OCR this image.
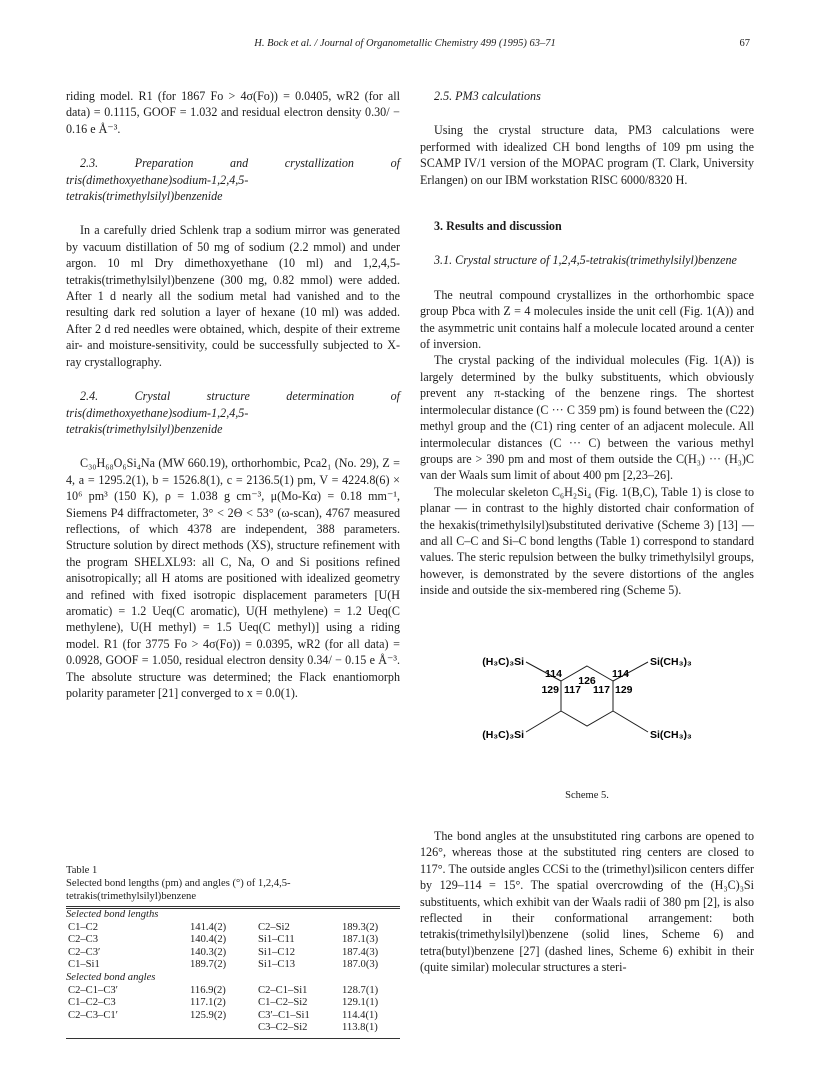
H. Bock et al. / Journal of Organometallic Chemistry 499 (1995) 63–71	67

riding model. R1 (for 1867 Fo > 4σ(Fo)) = 0.0405, wR2 (for all data) = 0.1115, GOOF = 1.032 and residual electron density 0.30/ − 0.16 e Å⁻³.

2.3. Preparation and crystallization of tris(dimethoxyethane)sodium-1,2,4,5-tetrakis(trimethylsilyl)benzenide

In a carefully dried Schlenk trap a sodium mirror was generated by vacuum distillation of 50 mg of sodium (2.2 mmol) and under argon. 10 ml Dry dimethoxyethane (10 ml) and 1,2,4,5-tetrakis(trimethylsilyl)benzene (300 mg, 0.82 mmol) were added. After 1 d nearly all the sodium metal had vanished and to the resulting dark red solution a layer of hexane (10 ml) was added. After 2 d red needles were obtained, which, despite of their extreme air- and moisture-sensitivity, could be successfully subjected to X-ray crystallography.

2.4. Crystal structure determination of tris(dimethoxyethane)sodium-1,2,4,5-tetrakis(trimethylsilyl)benzenide

C₃₀H₆₈O₆Si₄Na (MW 660.19), orthorhombic, Pca2₁ (No. 29), Z = 4, a = 1295.2(1), b = 1526.8(1), c = 2136.5(1) pm, V = 4224.8(6) × 10⁶ pm³ (150 K), ρ = 1.038 g cm⁻³, μ(Mo-Kα) = 0.18 mm⁻¹, Siemens P4 diffractometer, 3° < 2Θ < 53° (ω-scan), 4767 measured reflections, of which 4378 are independent, 388 parameters. Structure solution by direct methods (XS), structure refinement with the program SHELXL93: all C, Na, O and Si positions refined anisotropically; all H atoms are positioned with idealized geometry and refined with fixed isotropic displacement parameters [U(H aromatic) = 1.2 Ueq(C aromatic), U(H methylene) = 1.2 Ueq(C methylene), U(H methyl) = 1.5 Ueq(C methyl)] using a riding model. R1 (for 3775 Fo > 4σ(Fo)) = 0.0395, wR2 (for all data) = 0.0928, GOOF = 1.050, residual electron density 0.34/ − 0.15 e Å⁻³. The absolute structure was determined; the Flack enantiomorph polarity parameter [21] converged to x = 0.0(1).

Table 1

Selected bond lengths (pm) and angles (°) of 1,2,4,5-tetrakis(trimethylsilyl)benzene

Selected bond lengths			
C1–C2	141.4(2)	C2–Si2	189.3(2)
C2–C3	140.4(2)	Si1–C11	187.1(3)
C2–C3′	140.3(2)	Si1–C12	187.4(3)
C1–Si1	189.7(2)	Si1–C13	187.0(3)
Selected bond angles			
C2–C1–C3′	116.9(2)	C2–C1–Si1	128.7(1)
C1–C2–C3	117.1(2)	C1–C2–Si2	129.1(1)
C2–C3–C1′	125.9(2)	C3′–C1–Si1	114.4(1)
		C3–C2–Si2	113.8(1)

2.5. PM3 calculations

Using the crystal structure data, PM3 calculations were performed with idealized CH bond lengths of 109 pm using the SCAMP IV/1 version of the MOPAC program (T. Clark, University Erlangen) on our IBM workstation RISC 6000/8320 H.

3. Results and discussion

3.1. Crystal structure of 1,2,4,5-tetrakis(trimethylsilyl)benzene

The neutral compound crystallizes in the orthorhombic space group Pbca with Z = 4 molecules inside the unit cell (Fig. 1(A)) and the asymmetric unit contains half a molecule located around a center of inversion.

The crystal packing of the individual molecules (Fig. 1(A)) is largely determined by the bulky substituents, which obviously prevent any π-stacking of the benzene rings. The shortest intermolecular distance (C ··· C 359 pm) is found between the (C22) methyl group and the (C1) ring center of an adjacent molecule. All intermolecular distances (C ··· C) between the various methyl groups are > 390 pm and most of them outside the C(H₃) ··· (H₃)C van der Waals sum limit of about 400 pm [2,23–26].

The molecular skeleton C₆H₂Si₄ (Fig. 1(B,C), Table 1) is close to planar — in contrast to the highly distorted chair conformation of the hexakis(trimethylsilyl)substituted derivative (Scheme 3) [13] — and all C–C and Si–C bond lengths (Table 1) correspond to standard values. The steric repulsion between the bulky trimethylsilyl groups, however, is demonstrated by the severe distortions of the angles inside and outside the six-membered ring (Scheme 5).

(H₃C)₃Si	Si(CH₃)₃
(H₃C)₃Si	Si(CH₃)₃
126
114	114
129 117 117 129
Scheme 5.

The bond angles at the unsubstituted ring carbons are opened to 126°, whereas those at the substituted ring centers are closed to 117°. The outside angles CCSi to the (trimethyl)silicon centers differ by 129–114 = 15°. The spatial overcrowding of the (H₃C)₃Si substituents, which exhibit van der Waals radii of 380 pm [2], is also reflected in their conformational arrangement: both tetrakis(trimethylsilyl)benzene (solid lines, Scheme 6) and tetra(butyl)benzene [27] (dashed lines, Scheme 6) exhibit in their (quite similar) molecular structures a steri-
